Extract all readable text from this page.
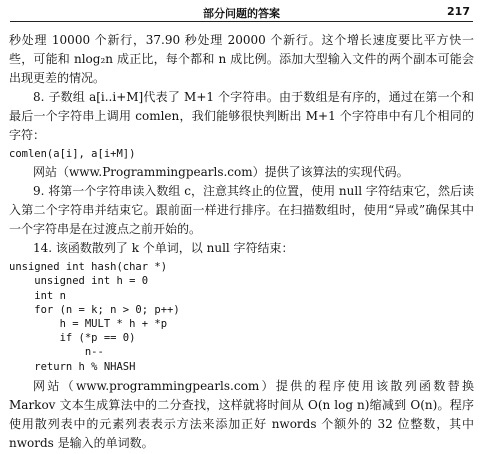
部分问题的答案	217

秒处理 10000 个新行，37.90 秒处理 20000 个新行。这个增长速度要比平方快一些，可能和 nlog₂n 成正比，每个都和 n 成比例。添加大型输入文件的两个副本可能会出现更差的情况。

8. 子数组 a[i..i+M]代表了 M+1 个字符串。由于数组是有序的，通过在第一个和最后一个字符串上调用 comlen，我们能够很快判断出 M+1 个字符串中有几个相同的字符：

comlen(a[i], a[i+M])

网站（www.Programmingpearls.com）提供了该算法的实现代码。

9. 将第一个字符串读入数组 c，注意其终止的位置，使用 null 字符结束它，然后读入第二个字符串并结束它。跟前面一样进行排序。在扫描数组时，使用“异或”确保其中一个字符串是在过渡点之前开始的。

14. 该函数散列了 k 个单词，以 null 字符结束：

unsigned int hash(char *)
unsigned int h = 0
int n
for (n = k; n > 0; p++)
h = MULT * h + *p
if (*p == 0)
n--
return h % NHASH

网站（www.programmingpearls.com）提供的程序使用该散列函数替换 Markov 文本生成算法中的二分查找，这样就将时间从 O(n log n)缩减到 O(n)。程序使用散列表中的元素列表表示方法来添加正好 nwords 个额外的 32 位整数，其中 nwords 是输入的单词数。
